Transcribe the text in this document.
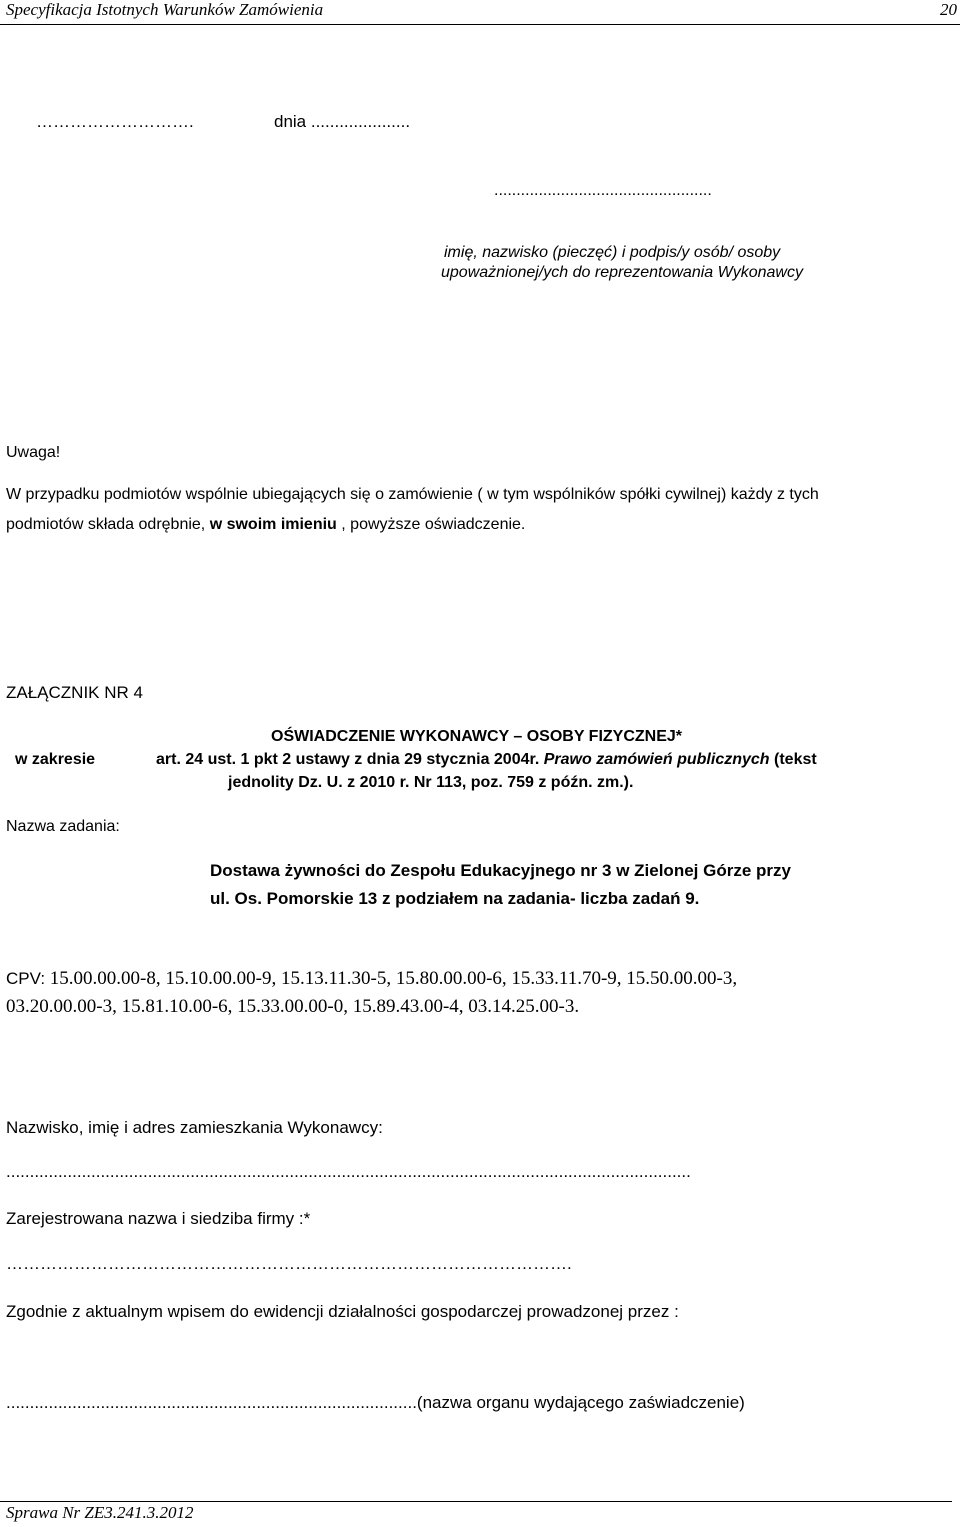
Specyfikacja Istotnych Warunków Zamówienia	20
……………………….	dnia .....................
.................................................
imię, nazwisko (pieczęć) i podpis/y osób/ osoby
upoważnionej/ych do reprezentowania Wykonawcy
Uwaga!
W przypadku podmiotów wspólnie ubiegających się o zamówienie ( w tym wspólników spółki cywilnej) każdy z tych
podmiotów składa odrębnie, w swoim imieniu , powyższe oświadczenie.
ZAŁĄCZNIK NR 4
OŚWIADCZENIE WYKONAWCY – OSOBY FIZYCZNEJ*
w zakresie	art. 24 ust. 1 pkt 2 ustawy z dnia 29 stycznia 2004r. Prawo zamówień publicznych (tekst
jednolity Dz. U. z 2010 r. Nr 113, poz. 759 z późn. zm.).
Nazwa zadania:
Dostawa żywności do Zespołu Edukacyjnego nr 3 w Zielonej Górze przy
ul. Os. Pomorskie 13 z podziałem na zadania- liczba zadań 9.
CPV: 15.00.00.00-8, 15.10.00.00-9, 15.13.11.30-5, 15.80.00.00-6, 15.33.11.70-9, 15.50.00.00-3,
03.20.00.00-3, 15.81.10.00-6, 15.33.00.00-0, 15.89.43.00-4, 03.14.25.00-3.
Nazwisko, imię i adres zamieszkania Wykonawcy:
.................................................................................................................................................
Zarejestrowana nazwa i siedziba firmy :*
……………………………………………………………………………………….
Zgodnie z aktualnym wpisem do ewidencji działalności gospodarczej prowadzonej przez :
.......................................................................................(nazwa organu wydającego zaświadczenie)
Sprawa Nr ZE3.241.3.2012
